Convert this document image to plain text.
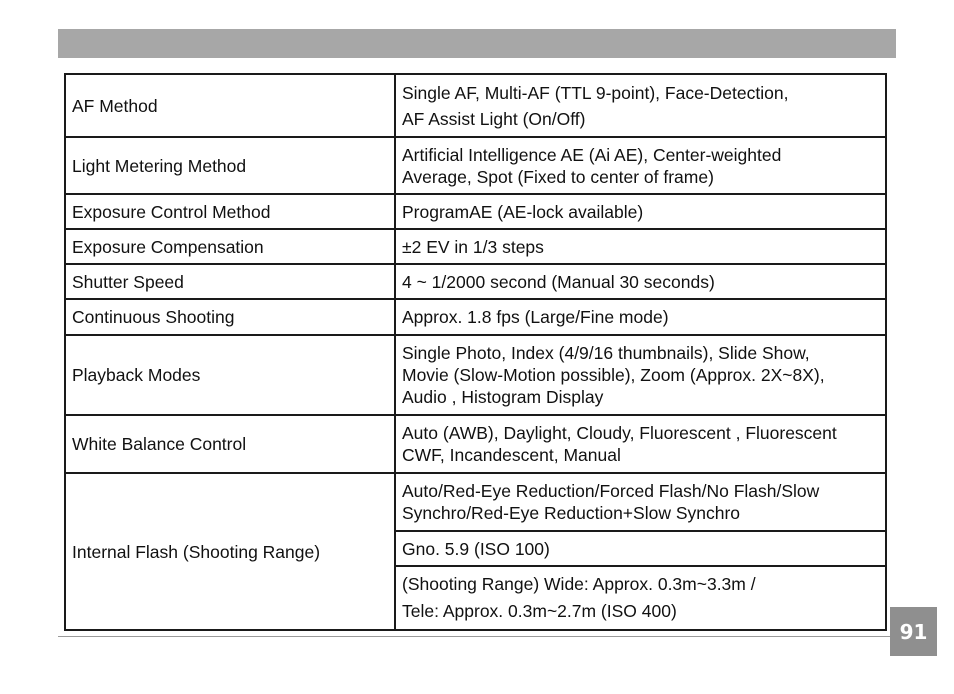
AF Method	Single AF, Multi-AF (TTL 9-point), Face-Detection,
AF Assist Light (On/Off)

Light Metering Method	Artificial Intelligence AE (Ai AE), Center-weighted
Average, Spot (Fixed to center of frame)

Exposure Control Method	ProgramAE (AE-lock available)

Exposure Compensation	±2 EV in 1/3 steps

Shutter Speed	4 ~ 1/2000 second (Manual 30 seconds)

Continuous Shooting	Approx. 1.8 fps (Large/Fine mode)

Playback Modes	Single Photo, Index (4/9/16 thumbnails), Slide Show,
Movie (Slow-Motion possible), Zoom (Approx. 2X~8X),
Audio , Histogram Display

White Balance Control	Auto (AWB), Daylight, Cloudy, Fluorescent , Fluorescent
CWF, Incandescent, Manual

Internal Flash (Shooting Range)	Auto/Red-Eye Reduction/Forced Flash/No Flash/Slow
Synchro/Red-Eye Reduction+Slow Synchro

	Gno. 5.9 (ISO 100)

	(Shooting Range) Wide: Approx. 0.3m~3.3m /
Tele: Approx. 0.3m~2.7m (ISO 400)
91
